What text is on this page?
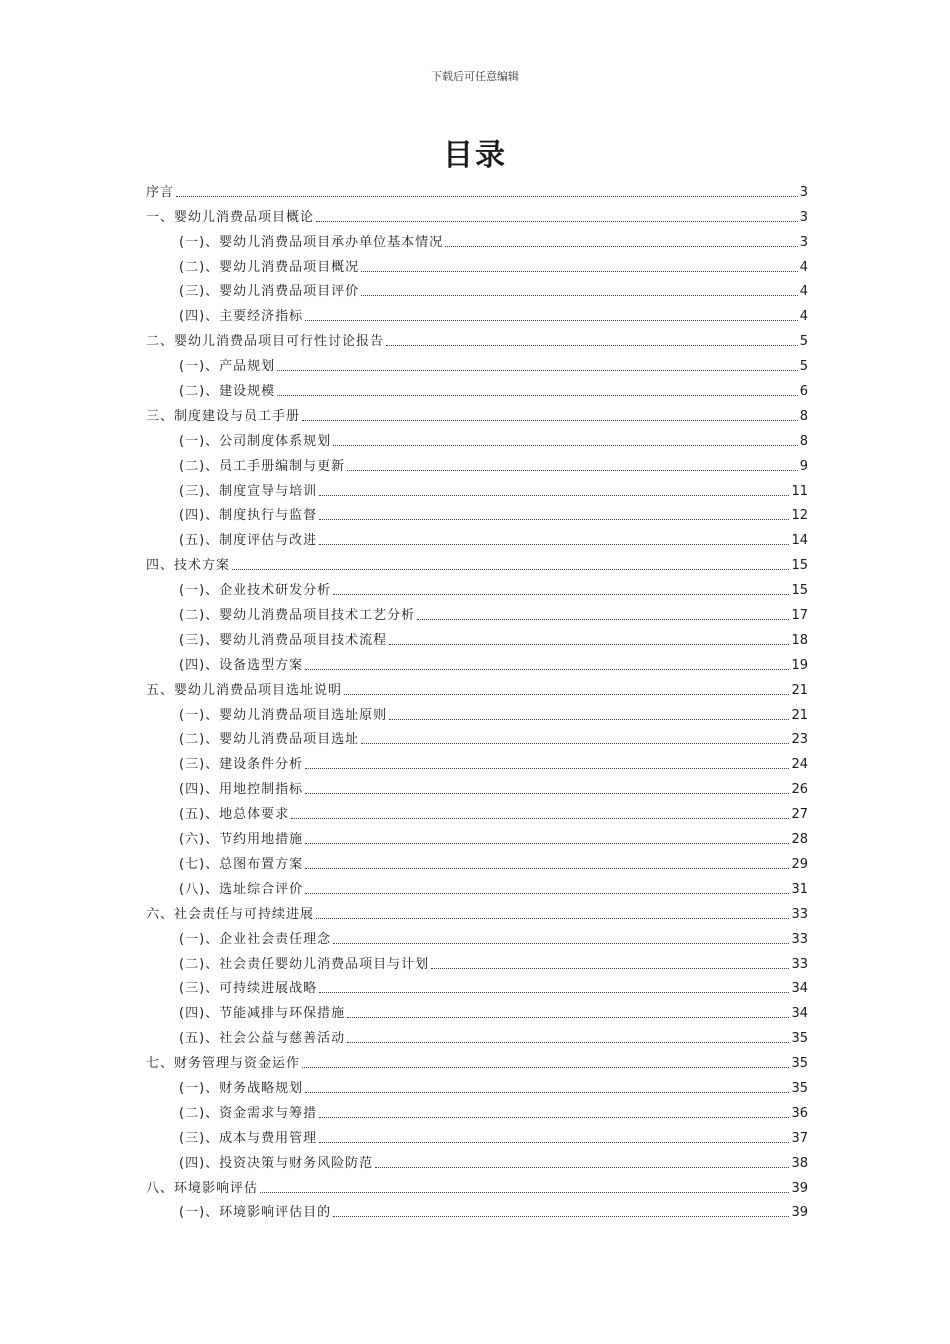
下载后可任意编辑
目录
序言	3
一、婴幼儿消费品项目概论	3
(一)、婴幼儿消费品项目承办单位基本情况	3
(二)、婴幼儿消费品项目概况	4
(三)、婴幼儿消费品项目评价	4
(四)、主要经济指标	4
二、婴幼儿消费品项目可行性讨论报告	5
(一)、产品规划	5
(二)、建设规模	6
三、制度建设与员工手册	8
(一)、公司制度体系规划	8
(二)、员工手册编制与更新	9
(三)、制度宣导与培训	11
(四)、制度执行与监督	12
(五)、制度评估与改进	14
四、技术方案	15
(一)、企业技术研发分析	15
(二)、婴幼儿消费品项目技术工艺分析	17
(三)、婴幼儿消费品项目技术流程	18
(四)、设备选型方案	19
五、婴幼儿消费品项目选址说明	21
(一)、婴幼儿消费品项目选址原则	21
(二)、婴幼儿消费品项目选址	23
(三)、建设条件分析	24
(四)、用地控制指标	26
(五)、地总体要求	27
(六)、节约用地措施	28
(七)、总图布置方案	29
(八)、选址综合评价	31
六、社会责任与可持续进展	33
(一)、企业社会责任理念	33
(二)、社会责任婴幼儿消费品项目与计划	33
(三)、可持续进展战略	34
(四)、节能减排与环保措施	34
(五)、社会公益与慈善活动	35
七、财务管理与资金运作	35
(一)、财务战略规划	35
(二)、资金需求与筹措	36
(三)、成本与费用管理	37
(四)、投资决策与财务风险防范	38
八、环境影响评估	39
(一)、环境影响评估目的	39
